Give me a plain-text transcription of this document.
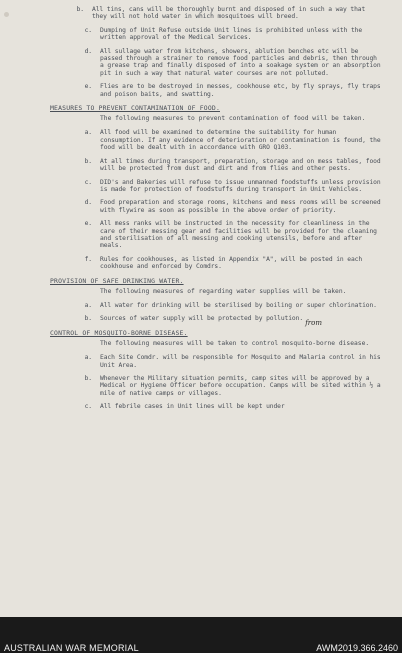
b.	All tins, cans will be thoroughly burnt and disposed of in such a way that they will not hold water in which mosquitoes will breed.
c.	Dumping of Unit Refuse outside Unit lines is prohibited unless with the written approval of the Medical Services.
d.	All sullage water from kitchens, showers, ablution benches etc will be passed through a strainer to remove food particles and debris, then through a grease trap and finally disposed of into a soakage system or an absorption pit in such a way that natural water courses are not polluted.
e.	Flies are to be destroyed in messes, cookhouse etc, by fly sprays, fly traps and poison baits, and swatting.
MEASURES TO PREVENT CONTAMINATION OF FOOD.
The following measures to prevent contamination of food will be taken.
a.	All food will be examined to determine the suitability for human consumption. If any evidence of deterioration or contamination is found, the food will be dealt with in accordance with GRO Q103.
b.	At all times during transport, preparation, storage and on mess tables, food will be protected from dust and dirt and from flies and other pests.
c.	DID's and Bakeries will refuse to issue unmanned foodstuffs unless provision is made for protection of foodstuffs during transport in Unit Vehicles.
d.	Food preparation and storage rooms, kitchens and mess rooms will be screened with flywire as soon as possible in the above order of priority.
e.	All mess ranks will be instructed in the necessity for cleanliness in the care of their messing gear and facilities will be provided for the cleaning and sterilisation of all messing and cooking utensils, before and after meals.
f.	Rules for cookhouses, as listed in Appendix "A", will be posted in each cookhouse and enforced by Comdrs.
PROVISION OF SAFE DRINKING WATER.
The following measures of regarding water supplies will be taken.
a.	All water for drinking will be sterilised by boiling or super chlorination.
b.	Sources of water supply will be protected by pollution.
from
CONTROL OF MOSQUITO-BORNE DISEASE.
The following measures will be taken to control mosquito-borne disease.
a.	Each Site Comdr. will be responsible for Mosquito and Malaria control in his Unit Area.
b.	Whenever the Military situation permits, camp sites will be approved by a Medical or Hygiene Officer before occupation. Camps will be sited within ½ a mile of native camps or villages.
c.	All febrile cases in Unit lines will be kept under
AUSTRALIAN WAR MEMORIAL	AWM2019.366.2460
